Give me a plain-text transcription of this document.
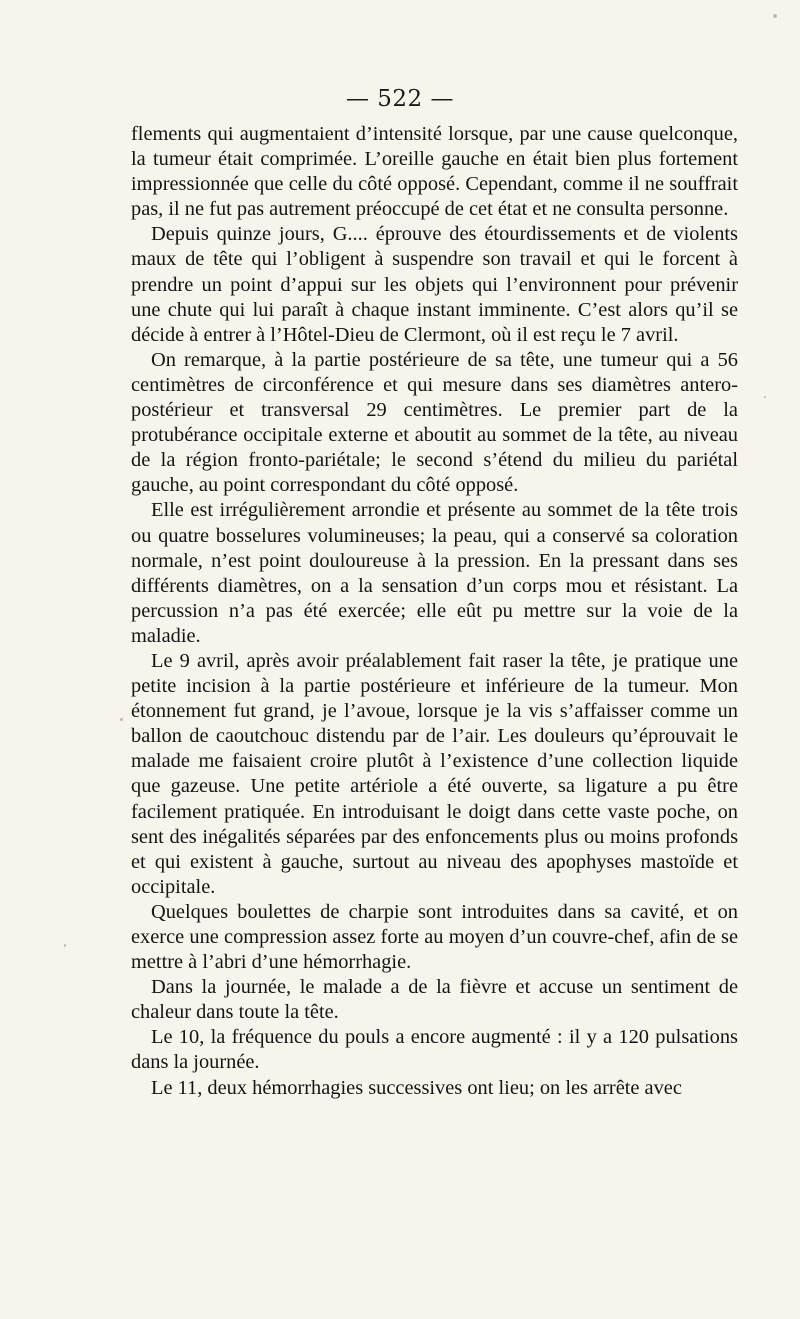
— 522 —

flements qui augmentaient d’intensité lorsque, par une cause quelconque, la tumeur était comprimée. L’oreille gauche en était bien plus fortement impressionnée que celle du côté opposé. Cependant, comme il ne souffrait pas, il ne fut pas autrement préoccupé de cet état et ne consulta personne.

Depuis quinze jours, G.... éprouve des étourdissements et de violents maux de tête qui l’obligent à suspendre son travail et qui le forcent à prendre un point d’appui sur les objets qui l’environnent pour prévenir une chute qui lui paraît à chaque instant imminente. C’est alors qu’il se décide à entrer à l’Hôtel-Dieu de Clermont, où il est reçu le 7 avril.

On remarque, à la partie postérieure de sa tête, une tumeur qui a 56 centimètres de circonférence et qui mesure dans ses diamètres antero-postérieur et transversal 29 centimètres. Le premier part de la protubérance occipitale externe et aboutit au sommet de la tête, au niveau de la région fronto-pariétale; le second s’étend du milieu du pariétal gauche, au point correspondant du côté opposé.

Elle est irrégulièrement arrondie et présente au sommet de la tête trois ou quatre bosselures volumineuses; la peau, qui a conservé sa coloration normale, n’est point douloureuse à la pression. En la pressant dans ses différents diamètres, on a la sensation d’un corps mou et résistant. La percussion n’a pas été exercée; elle eût pu mettre sur la voie de la maladie.

Le 9 avril, après avoir préalablement fait raser la tête, je pratique une petite incision à la partie postérieure et inférieure de la tumeur. Mon étonnement fut grand, je l’avoue, lorsque je la vis s’affaisser comme un ballon de caoutchouc distendu par de l’air. Les douleurs qu’éprouvait le malade me faisaient croire plutôt à l’existence d’une collection liquide que gazeuse. Une petite artériole a été ouverte, sa ligature a pu être facilement pratiquée. En introduisant le doigt dans cette vaste poche, on sent des inégalités séparées par des enfoncements plus ou moins profonds et qui existent à gauche, surtout au niveau des apophyses mastoïde et occipitale.

Quelques boulettes de charpie sont introduites dans sa cavité, et on exerce une compression assez forte au moyen d’un couvre-chef, afin de se mettre à l’abri d’une hémorrhagie.

Dans la journée, le malade a de la fièvre et accuse un sentiment de chaleur dans toute la tête.

Le 10, la fréquence du pouls a encore augmenté : il y a 120 pulsations dans la journée.

Le 11, deux hémorrhagies successives ont lieu; on les arrête avec
